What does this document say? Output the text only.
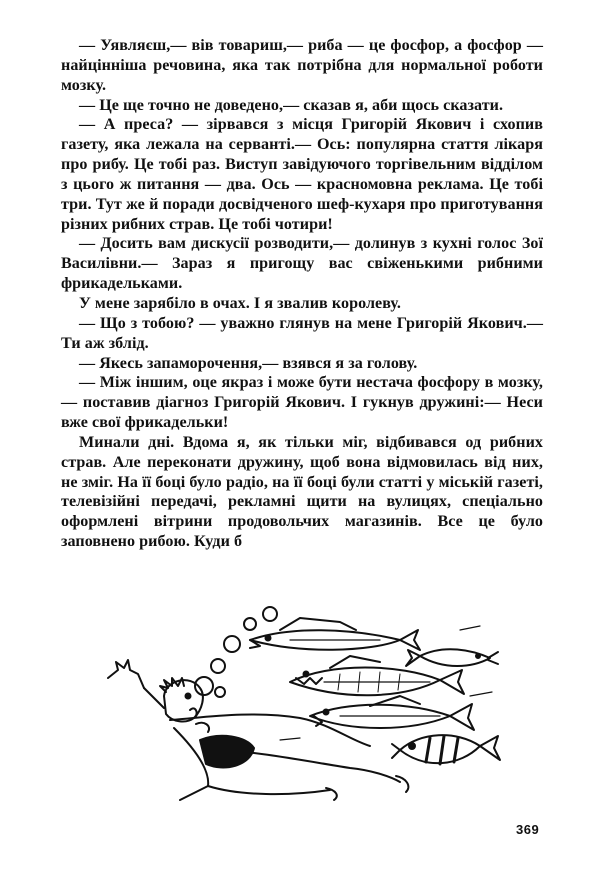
— Уявляєш,— вів товариш,— риба — це фосфор, а фосфор — найцінніша речовина, яка так потрібна для нормальної роботи мозку.

— Це ще точно не доведено,— сказав я, аби щось сказати.

— А преса? — зірвався з місця Григорій Якович і схопив газету, яка лежала на серванті.— Ось: популярна стаття лікаря про рибу. Це тобі раз. Виступ завідуючого торгівельним відділом з цього ж питання — два. Ось — красномовна реклама. Це тобі три. Тут же й поради досвідченого шеф-кухаря про приготування різних рибних страв. Це тобі чотири!

— Досить вам дискусії розводити,— долинув з кухні голос Зої Василівни.— Зараз я пригощу вас свіженькими рибними фрикадельками.

У мене зарябіло в очах. І я звалив королеву.

— Що з тобою? — уважно глянув на мене Григорій Якович.— Ти аж зблід.

— Якесь запаморочення,— взявся я за голову.

— Між іншим, оце якраз і може бути нестача фосфору в мозку,— поставив діагноз Григорій Якович. І гукнув дружині:— Неси вже свої фрикадельки!

Минали дні. Вдома я, як тільки міг, відбивався од рибних страв. Але переконати дружину, щоб вона відмовилась від них, не зміг. На її боці було радіо, на її боці були статті у міській газеті, телевізійні передачі, рекламні щити на вулицях, спеціально оформлені вітрини продовольчих магазинів. Все це було заповнено рибою. Куди б

369
